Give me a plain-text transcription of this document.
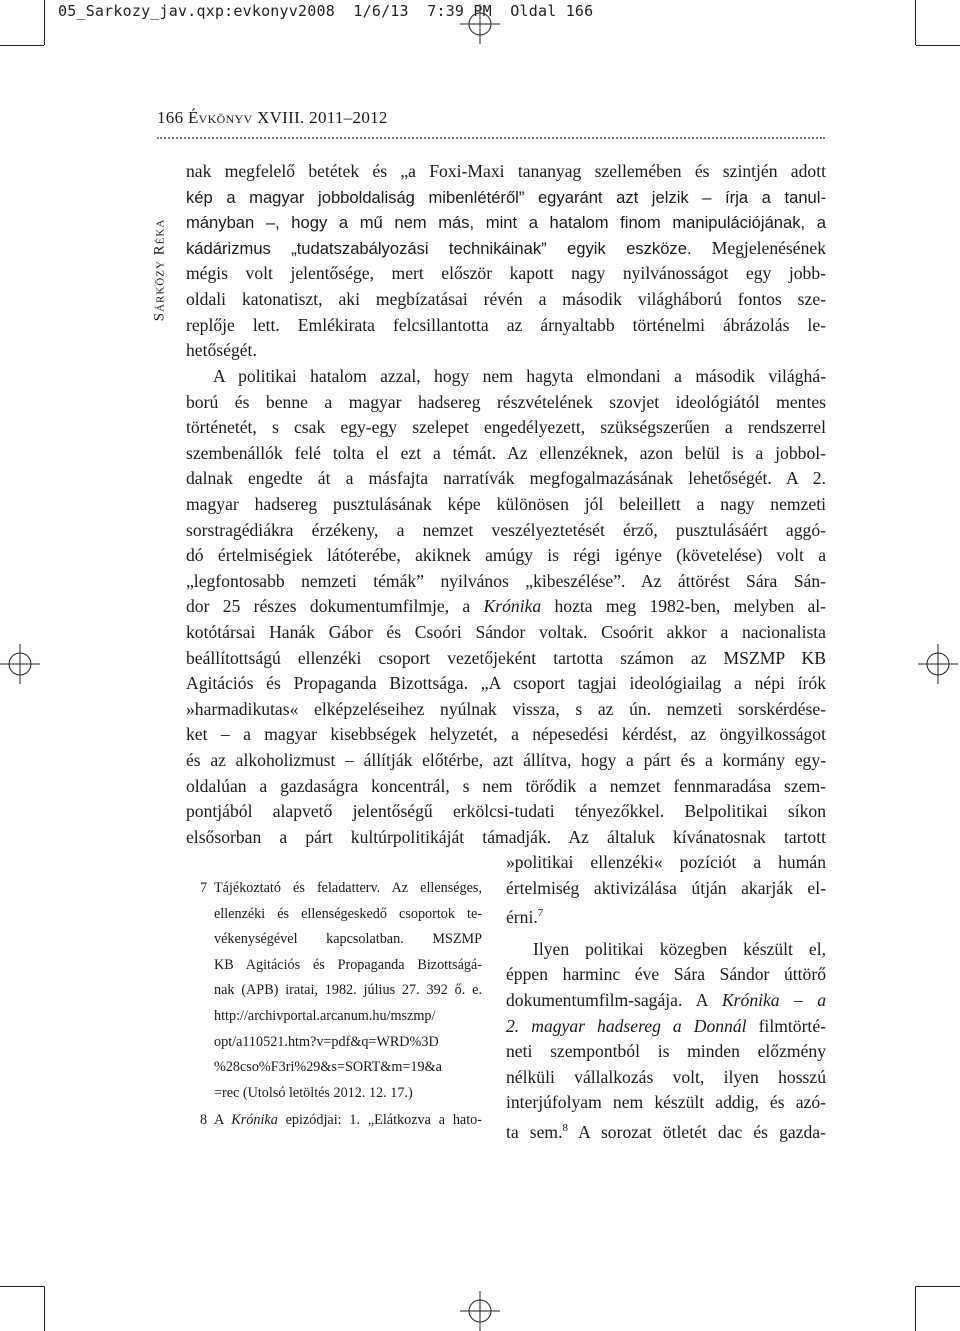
05_Sarkozy_jav.qxp:evkonyv2008  1/6/13  7:39 PM  Oldal 166
166 Évkönyv XVIII. 2011–2012
Sárközy Réka
nak megfelelő betétek és „a Foxi-Maxi tananyag szellemében és szintjén adott
kép a magyar jobboldaliság mibenlétéről” egyaránt azt jelzik – írja a tanul-
mányban –, hogy a mű nem más, mint a hatalom finom manipulációjának, a
kádárizmus „tudatszabályozási technikáinak” egyik eszköze. Megjelenésének
mégis volt jelentősége, mert először kapott nagy nyilvánosságot egy jobb-
oldali katonatiszt, aki megbízatásai révén a második világháború fontos sze-
replője lett. Emlékirata felcsillantotta az árnyaltabb történelmi ábrázolás le-
hetőségét.
A politikai hatalom azzal, hogy nem hagyta elmondani a második világhá-
ború és benne a magyar hadsereg részvételének szovjet ideológiától mentes
történetét, s csak egy-egy szelepet engedélyezett, szükségszerűen a rendszerrel
szembenállók felé tolta el ezt a témát. Az ellenzéknek, azon belül is a jobbol-
dalnak engedte át a másfajta narratívák megfogalmazásának lehetőségét. A 2.
magyar hadsereg pusztulásának képe különösen jól beleillett a nagy nemzeti
sorstragédiákra érzékeny, a nemzet veszélyeztetését érző, pusztulásáért aggó-
dó értelmiségiek látóterébe, akiknek amúgy is régi igénye (követelése) volt a
„legfontosabb nemzeti témák” nyilvános „kibeszélése”. Az áttörést Sára Sán-
dor 25 részes dokumentumfilmje, a Krónika hozta meg 1982-ben, melyben al-
kotótársai Hanák Gábor és Csoóri Sándor voltak. Csoórit akkor a nacionalista
beállítottságú ellenzéki csoport vezetőjeként tartotta számon az MSZMP KB
Agitációs és Propaganda Bizottsága. „A csoport tagjai ideológiailag a népi írók
»harmadikutas« elképzeléseihez nyúlnak vissza, s az ún. nemzeti sorskérdése-
ket – a magyar kisebbségek helyzetét, a népesedési kérdést, az öngyilkosságot
és az alkoholizmust – állítják előtérbe, azt állítva, hogy a párt és a kormány egy-
oldalúan a gazdaságra koncentrál, s nem törődik a nemzet fennmaradása szem-
pontjából alapvető jelentőségű erkölcsi-tudati tényezőkkel. Belpolitikai síkon
elsősorban a párt kultúrpolitikáját támadják. Az általuk kívánatosnak tartott
»politikai ellenzéki« pozíciót a humán
értelmiség aktivizálása útján akarják el-
érni.$^7$
Ilyen politikai közegben készült el,
éppen harminc éve Sára Sándor úttörő
dokumentumfilm-sagája. A Krónika – a
2. magyar hadsereg a Donnál filmtörté-
neti szempontból is minden előzmény
nélküli vállalkozás volt, ilyen hosszú
interjúfolyam nem készült addig, és azó-
ta sem.$^8$ A sorozat ötletét dac és gazda-
7 Tájékoztató és feladatterv. Az ellenséges,
ellenzéki és ellenségeskedő csoportok te-
vékenységével kapcsolatban. MSZMP
KB Agitációs és Propaganda Bizottságá-
nak (APB) iratai, 1982. július 27. 392 ő. e.
http://archivportal.arcanum.hu/mszmp/
opt/a110521.htm?v=pdf&q=WRD%3D
%28cso%F3ri%29&s=SORT&m=19&a
=rec (Utolsó letöltés 2012. 12. 17.)
8 A Krónika epizódjai: 1. „Elátkozva a hato-
